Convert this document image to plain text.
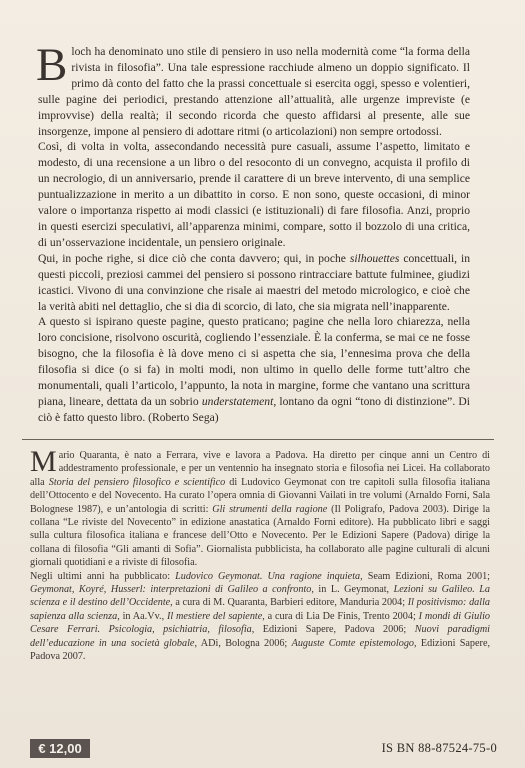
Bloch ha denominato uno stile di pensiero in uso nella modernità come “la forma della rivista in filosofia”. Una tale espressione racchiude almeno un doppio significato. Il primo dà conto del fatto che la prassi concettuale si esercita oggi, spesso e volentieri, sulle pagine dei periodici, prestando attenzione all’attualità, alle urgenze impreviste (e improvvise) della realtà; il secondo ricorda che questo affidarsi al presente, alle sue insorgenze, impone al pensiero di adottare ritmi (o articolazioni) non sempre ortodossi.

Così, di volta in volta, assecondando necessità pure casuali, assume l’aspetto, limitato e modesto, di una recensione a un libro o del resoconto di un convegno, acquista il profilo di un necrologio, di un anniversario, prende il carattere di un breve intervento, di una semplice puntualizzazione in merito a un dibattito in corso. E non sono, queste occasioni, di minor valore o importanza rispetto ai modi classici (e istituzionali) di fare filosofia. Anzi, proprio in questi esercizi speculativi, all’apparenza minimi, compare, sotto il bozzolo di una critica, di un’osservazione incidentale, un pensiero originale.

Qui, in poche righe, si dice ciò che conta davvero; qui, in poche silhouettes concettuali, in questi piccoli, preziosi cammei del pensiero si possono rintracciare battute fulminee, giudizi icastici. Vivono di una convinzione che risale ai maestri del metodo micrologico, e cioè che la verità abiti nel dettaglio, che si dia di scorcio, di lato, che sia migrata nell’inapparente.

A questo si ispirano queste pagine, questo praticano; pagine che nella loro chiarezza, nella loro concisione, risolvono oscurità, cogliendo l’essenziale. È la conferma, se mai ce ne fosse bisogno, che la filosofia è là dove meno ci si aspetta che sia, l’ennesima prova che della filosofia si dice (o si fa) in molti modi, non ultimo in quello delle forme tutt’altro che monumentali, quali l’articolo, l’appunto, la nota in margine, forme che vantano una scrittura piana, lineare, dettata da un sobrio understatement, lontano da ogni “tono di distinzione”. Di ciò è fatto questo libro. (Roberto Sega)

Mario Quaranta, è nato a Ferrara, vive e lavora a Padova. Ha diretto per cinque anni un Centro di addestramento professionale, e per un ventennio ha insegnato storia e filosofia nei Licei. Ha collaborato alla Storia del pensiero filosofico e scientifico di Ludovico Geymonat con tre capitoli sulla filosofia italiana dell’Ottocento e del Novecento. Ha curato l’opera omnia di Giovanni Vailati in tre volumi (Arnaldo Forni, Sala Bolognese 1987), e un’antologia di scritti: Gli strumenti della ragione (Il Poligrafo, Padova 2003). Dirige la collana “Le riviste del Novecento” in edizione anastatica (Arnaldo Forni editore). Ha pubblicato libri e saggi sulla cultura filosofica italiana e francese dell’Otto e Novecento. Per le Edizioni Sapere (Padova) dirige la collana di filosofia “Gli amanti di Sofia”. Giornalista pubblicista, ha collaborato alle pagine culturali di alcuni giornali quotidiani e a riviste di filosofia.

Negli ultimi anni ha pubblicato: Ludovico Geymonat. Una ragione inquieta, Seam Edizioni, Roma 2001; Geymonat, Koyré, Husserl: interpretazioni di Galileo a confronto, in L. Geymonat, Lezioni su Galileo. La scienza e il destino dell’Occidente, a cura di M. Quaranta, Barbieri editore, Manduria 2004; Il positivismo: dalla sapienza alla scienza, in Aa.Vv., Il mestiere del sapiente, a cura di Lia De Finis, Trento 2004; I mondi di Giulio Cesare Ferrari. Psicologia, psichiatria, filosofia, Edizioni Sapere, Padova 2006; Nuovi paradigmi dell’educazione in una società globale, ADi, Bologna 2006; Auguste Comte epistemologo, Edizioni Sapere, Padova 2007.

€ 12,00	IS BN 88-87524-75-0
